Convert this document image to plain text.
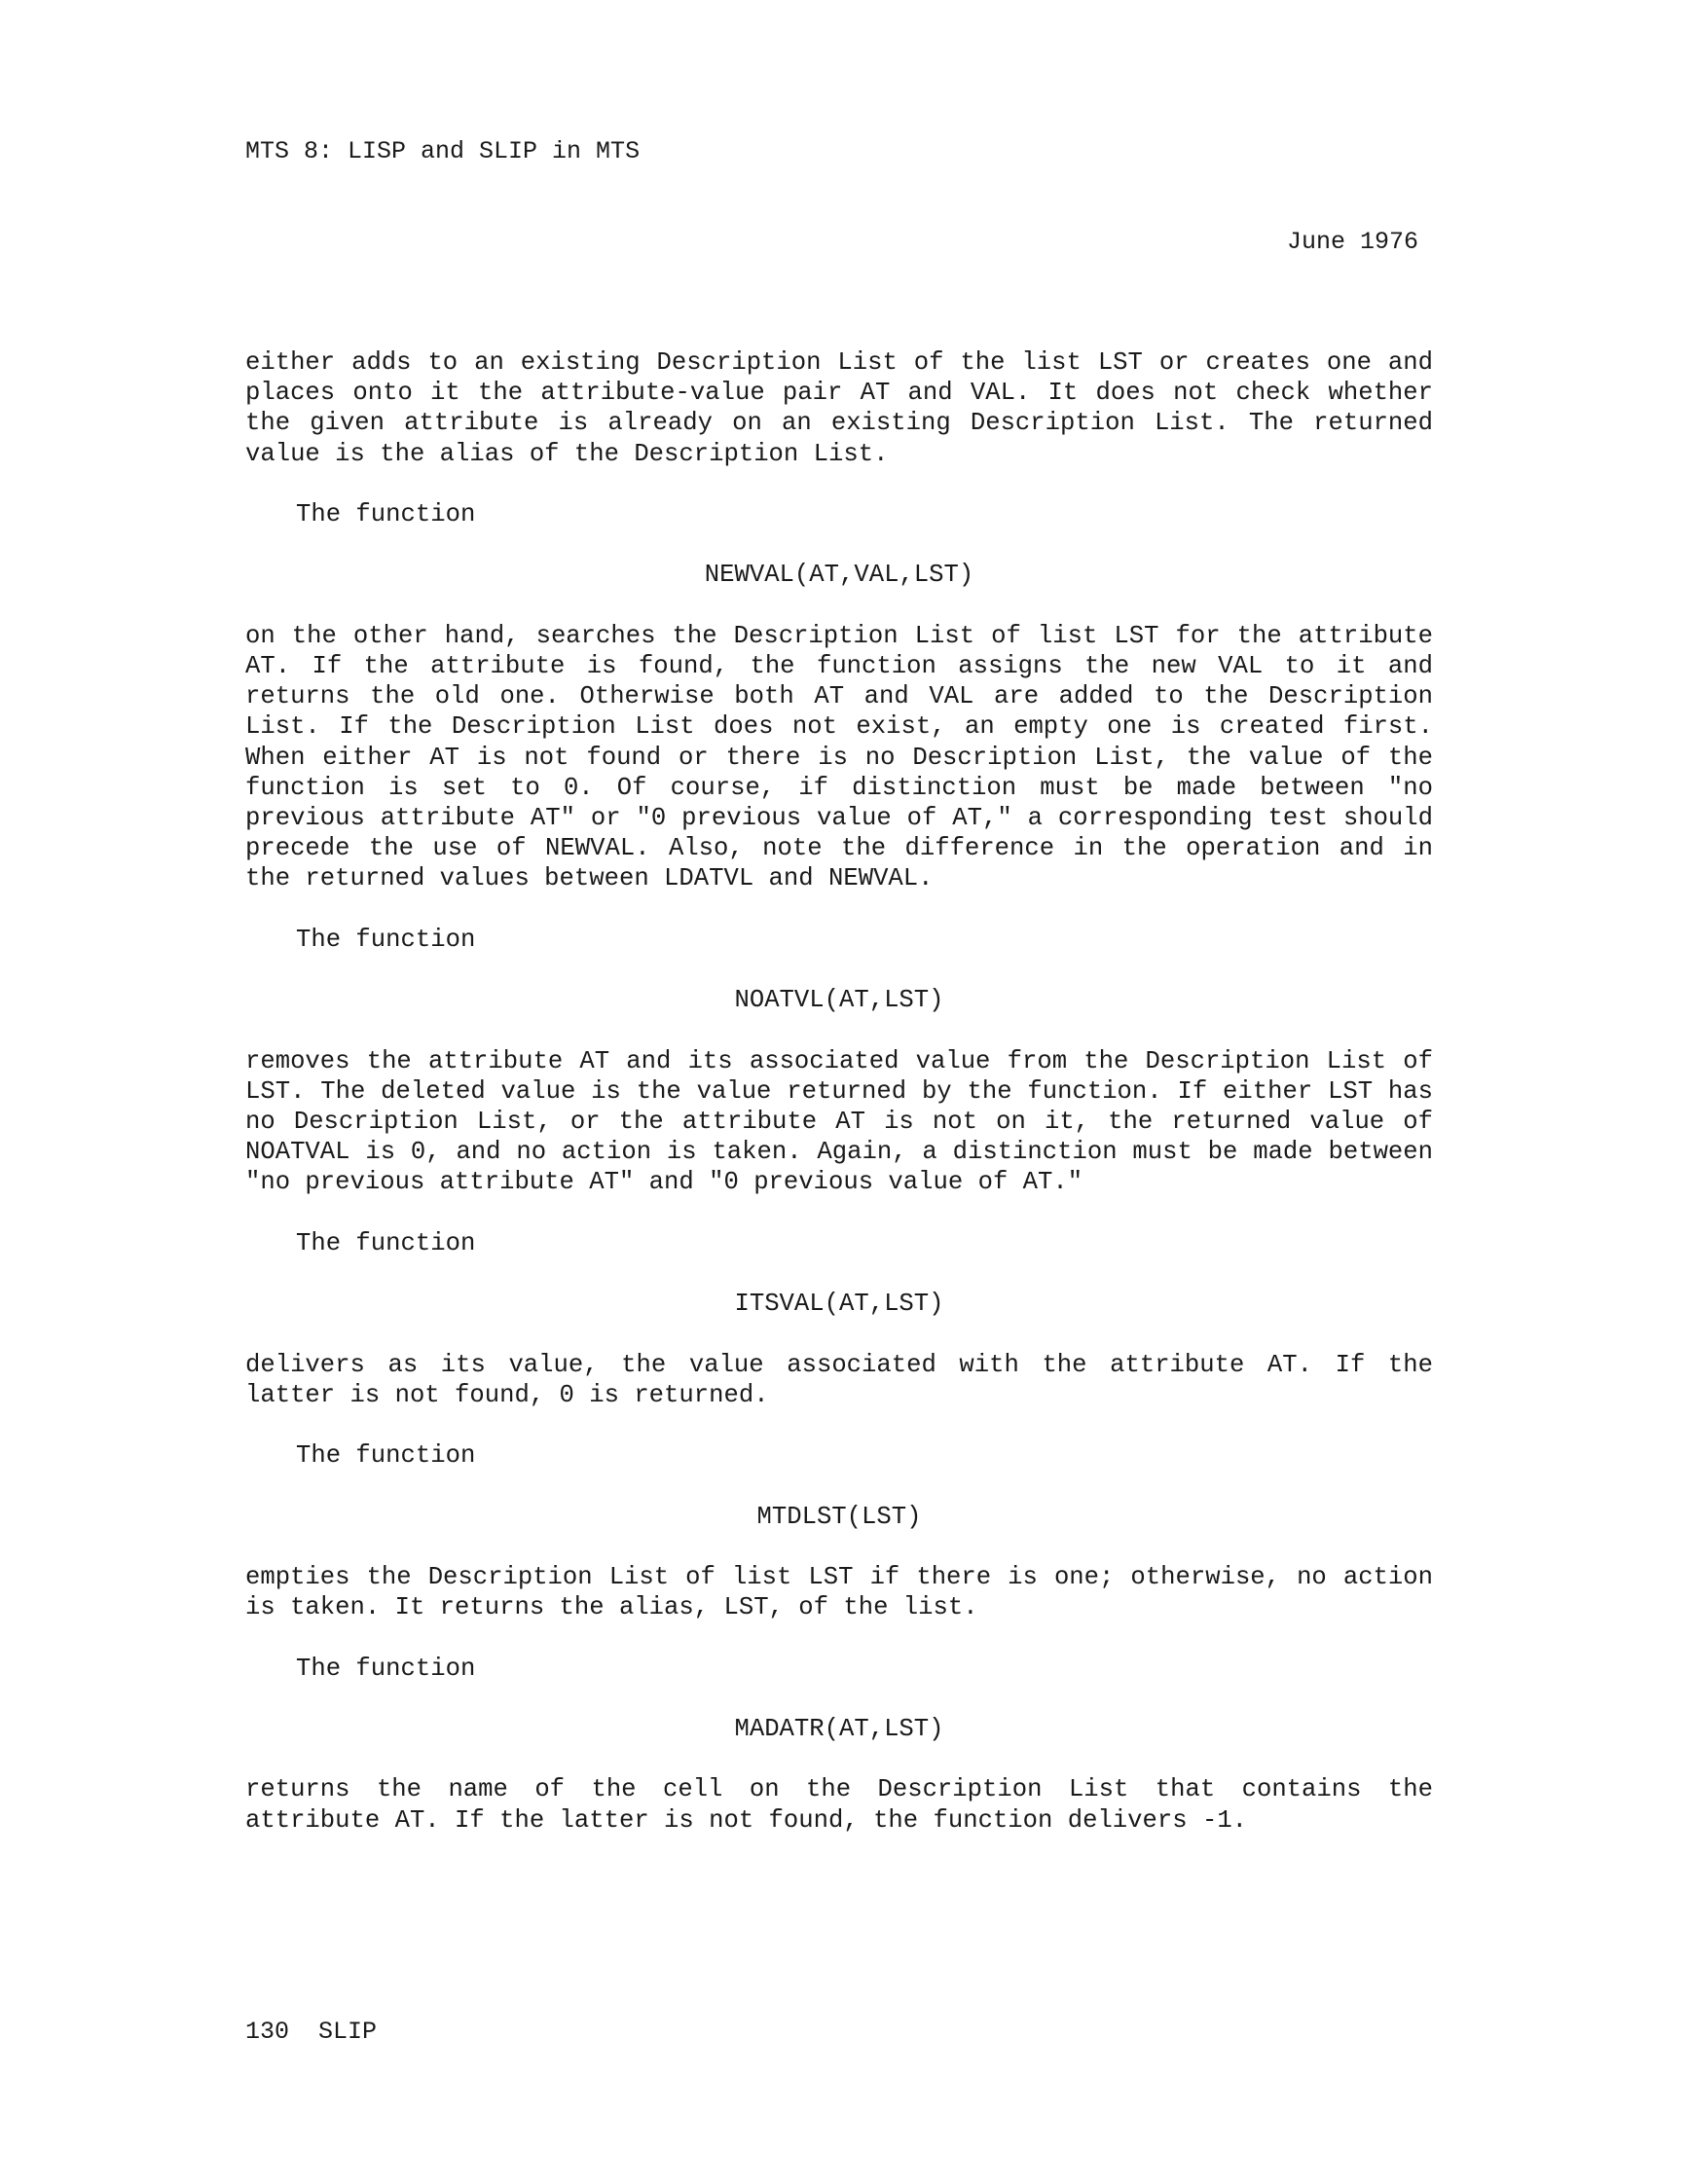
MTS 8: LISP and SLIP in MTS
June 1976

either adds to an existing Description List of the list LST or creates one and places onto it the attribute-value pair AT and VAL. It does not check whether the given attribute is already on an existing Description List. The returned value is the alias of the Description List.

The function

NEWVAL(AT,VAL,LST)

on the other hand, searches the Description List of list LST for the attribute AT. If the attribute is found, the function assigns the new VAL to it and returns the old one. Otherwise both AT and VAL are added to the Description List. If the Description List does not exist, an empty one is created first. When either AT is not found or there is no Description List, the value of the function is set to 0. Of course, if distinction must be made between "no previous attribute AT" or "0 previous value of AT," a corresponding test should precede the use of NEWVAL. Also, note the difference in the operation and in the returned values between LDATVL and NEWVAL.

The function

NOATVL(AT,LST)

removes the attribute AT and its associated value from the Description List of LST. The deleted value is the value returned by the function. If either LST has no Description List, or the attribute AT is not on it, the returned value of NOATVAL is 0, and no action is taken. Again, a distinction must be made between "no previous attribute AT" and "0 previous value of AT."

The function

ITSVAL(AT,LST)

delivers as its value, the value associated with the attribute AT. If the latter is not found, 0 is returned.

The function

MTDLST(LST)

empties the Description List of list LST if there is one; otherwise, no action is taken. It returns the alias, LST, of the list.

The function

MADATR(AT,LST)

returns the name of the cell on the Description List that contains the attribute AT. If the latter is not found, the function delivers -1.

130  SLIP
